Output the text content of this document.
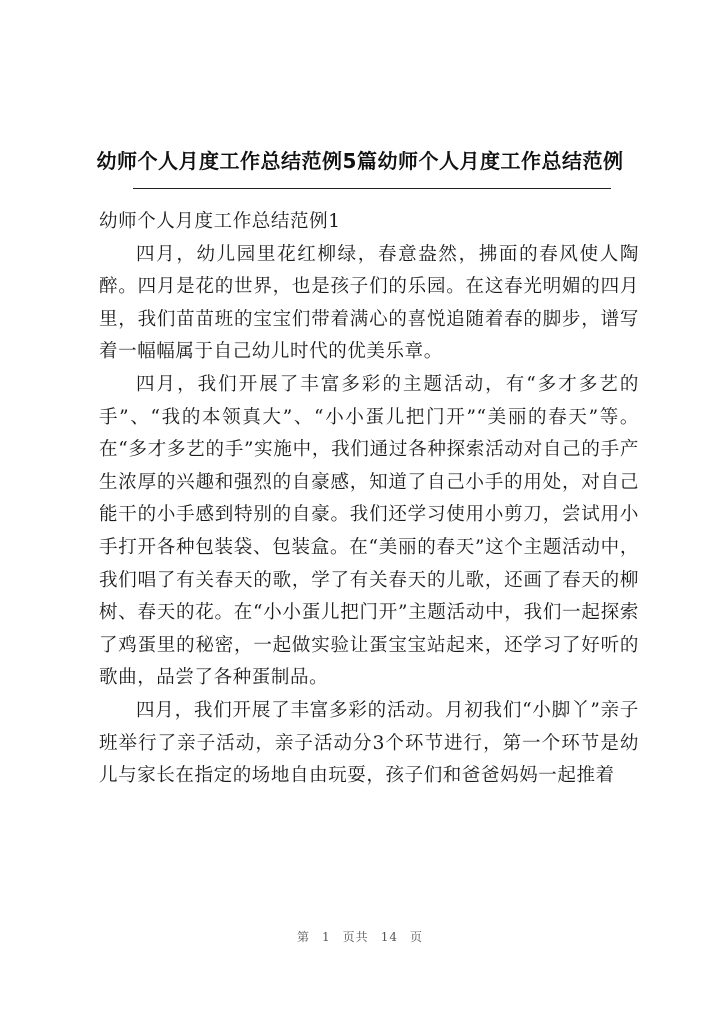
幼师个人月度工作总结范例5篇幼师个人月度工作总结范例

幼师个人月度工作总结范例1

四月，幼儿园里花红柳绿，春意盎然，拂面的春风使人陶醉。四月是花的世界，也是孩子们的乐园。在这春光明媚的四月里，我们苗苗班的宝宝们带着满心的喜悦追随着春的脚步，谱写着一幅幅属于自己幼儿时代的优美乐章。

四月，我们开展了丰富多彩的主题活动，有“多才多艺的手”、“我的本领真大”、“小小蛋儿把门开”“美丽的春天”等。在“多才多艺的手”实施中，我们通过各种探索活动对自己的手产生浓厚的兴趣和强烈的自豪感，知道了自己小手的用处，对自己能干的小手感到特别的自豪。我们还学习使用小剪刀，尝试用小手打开各种包装袋、包装盒。在“美丽的春天”这个主题活动中，我们唱了有关春天的歌，学了有关春天的儿歌，还画了春天的柳树、春天的花。在“小小蛋儿把门开”主题活动中，我们一起探索了鸡蛋里的秘密，一起做实验让蛋宝宝站起来，还学习了好听的歌曲，品尝了各种蛋制品。

四月，我们开展了丰富多彩的活动。月初我们“小脚丫”亲子班举行了亲子活动，亲子活动分3个环节进行，第一个环节是幼儿与家长在指定的场地自由玩耍，孩子们和爸爸妈妈一起推着

第 1 页共 14 页
